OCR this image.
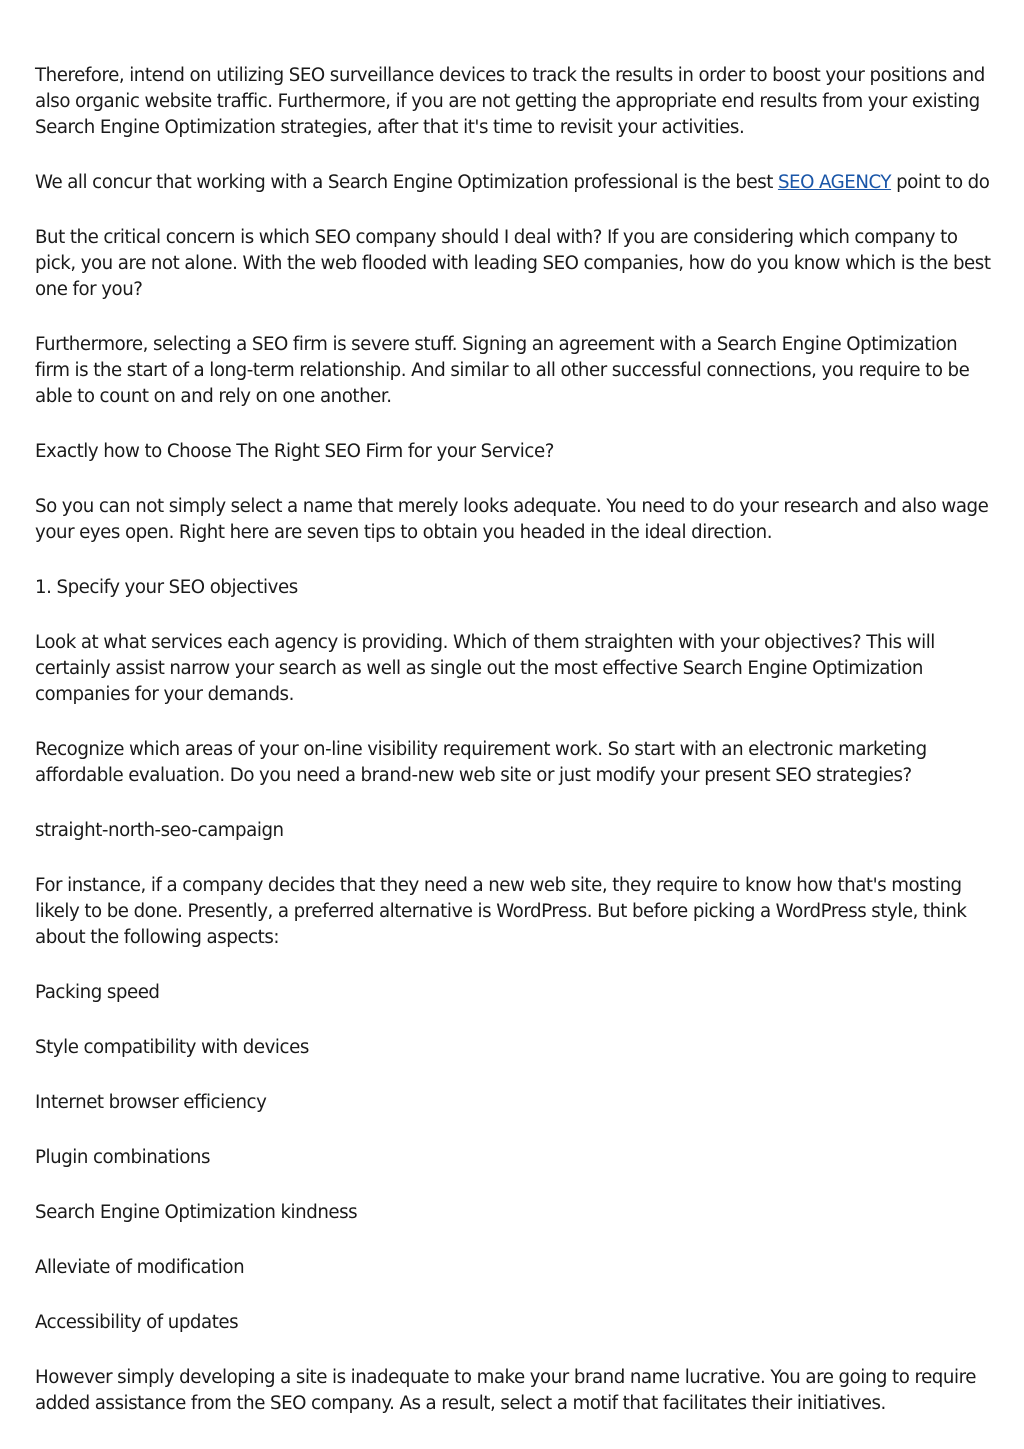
Therefore, intend on utilizing SEO surveillance devices to track the results in order to boost your positions and also organic website traffic. Furthermore, if you are not getting the appropriate end results from your existing Search Engine Optimization strategies, after that it's time to revisit your activities.

We all concur that working with a Search Engine Optimization professional is the best SEO AGENCY point to do

But the critical concern is which SEO company should I deal with? If you are considering which company to pick, you are not alone. With the web flooded with leading SEO companies, how do you know which is the best one for you?

Furthermore, selecting a SEO firm is severe stuff. Signing an agreement with a Search Engine Optimization firm is the start of a long-term relationship. And similar to all other successful connections, you require to be able to count on and rely on one another.

Exactly how to Choose The Right SEO Firm for your Service?

So you can not simply select a name that merely looks adequate. You need to do your research and also wage your eyes open. Right here are seven tips to obtain you headed in the ideal direction.

1. Specify your SEO objectives

Look at what services each agency is providing. Which of them straighten with your objectives? This will certainly assist narrow your search as well as single out the most effective Search Engine Optimization companies for your demands.

Recognize which areas of your on-line visibility requirement work. So start with an electronic marketing affordable evaluation. Do you need a brand-new web site or just modify your present SEO strategies?

straight-north-seo-campaign

For instance, if a company decides that they need a new web site, they require to know how that's mosting likely to be done. Presently, a preferred alternative is WordPress. But before picking a WordPress style, think about the following aspects:

Packing speed

Style compatibility with devices

Internet browser efficiency

Plugin combinations

Search Engine Optimization kindness

Alleviate of modification

Accessibility of updates

However simply developing a site is inadequate to make your brand name lucrative. You are going to require added assistance from the SEO company. As a result, select a motif that facilitates their initiatives.
